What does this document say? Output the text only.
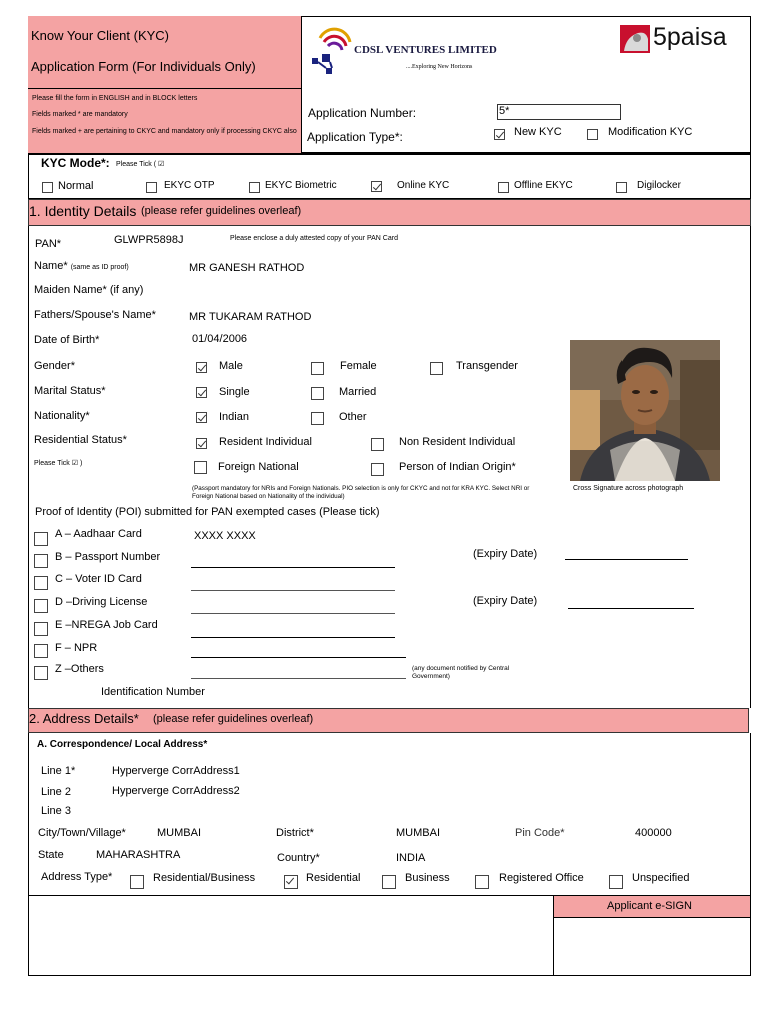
Know Your Client (KYC)
Application Form (For Individuals Only)
Please fill the form in ENGLISH and in BLOCK letters
Fields marked * are mandatory
Fields marked + are pertaining to CKYC and mandatory only if processing CKYC also
CDSL VENTURES LIMITED
....Exploring New Horizons
5paisa
Application Number:	5*
Application Type*:	New KYC	Modification KYC
KYC Mode*: Please Tick ( ☑
Normal	EKYC OTP	EKYC Biometric	Online KYC	Offline EKYC	Digilocker
1. Identity Details (please refer guidelines overleaf)
PAN*	GLWPR5898J	Please enclose a duly attested copy of your PAN Card
Name* (same as ID proof)	MR GANESH RATHOD
Maiden Name* (if any)
Fathers/Spouse's Name*	MR TUKARAM RATHOD
Date of Birth*	01/04/2006
Gender*	Male	Female	Transgender
Marital Status*	Single	Married
Nationality*	Indian	Other
Residential Status*	Resident Individual	Non Resident Individual
Please Tick ☑ )	Foreign National	Person of Indian Origin*
(Passport mandatory for NRIs and Foreign Nationals. PIO selection is only for CKYC and not for KRA KYC. Select NRI or Foreign National based on Nationality of the individual)
Cross Signature across photograph
Proof of Identity (POI) submitted for PAN exempted cases (Please tick)
A – Aadhaar Card	XXXX XXXX
B – Passport Number	(Expiry Date)
C – Voter ID Card
D –Driving License	(Expiry Date)
E –NREGA Job Card
F – NPR
Z –Others	(any document notified by Central Government)
Identification Number
2. Address Details* (please refer guidelines overleaf)
A. Correspondence/ Local Address*
Line 1*	Hyperverge CorrAddress1
Line 2	Hyperverge CorrAddress2
Line 3
City/Town/Village*	MUMBAI	District*	MUMBAI	Pin Code*	400000
State	MAHARASHTRA	Country*	INDIA
Address Type*	Residential/Business	Residential	Business	Registered Office	Unspecified
Applicant e-SIGN
